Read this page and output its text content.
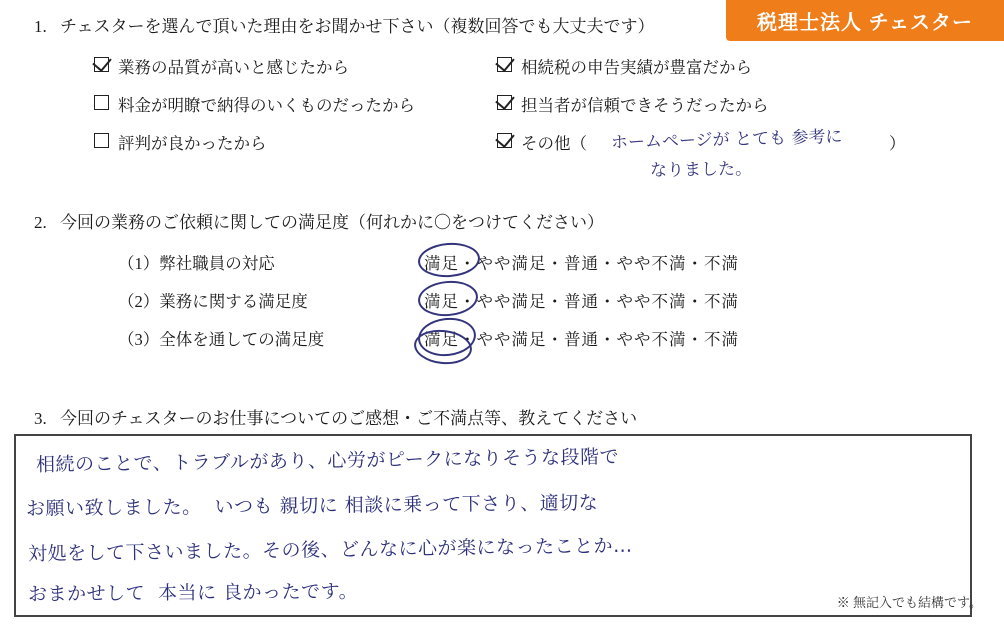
税理士法人 チェスター
1. チェスターを選んで頂いた理由をお聞かせ下さい（複数回答でも大丈夫です）
業務の品質が高いと感じたから
料金が明瞭で納得のいくものだったから
評判が良かったから
相続税の申告実績が豊富だから
担当者が信頼できそうだったから
その他（	）
ホームページが とても 参考に
なりました。
2. 今回の業務のご依頼に関しての満足度（何れかに〇をつけてください）
（1）弊社職員の対応	満足・やや満足・普通・やや不満・不満
（2）業務に関する満足度	満足・やや満足・普通・やや不満・不満
（3）全体を通しての満足度	満足・やや満足・普通・やや不満・不満
3. 今回のチェスターのお仕事についてのご感想・ご不満点等、教えてください
相続のことで、トラブルがあり、心労がピークになりそうな段階で
お願い致しました。  いつも 親切に 相談に乗って下さり、適切な
対処をして下さいました。その後、どんなに心が楽になったことか…
おまかせして  本当に 良かったです。	※ 無記入でも結構です。
